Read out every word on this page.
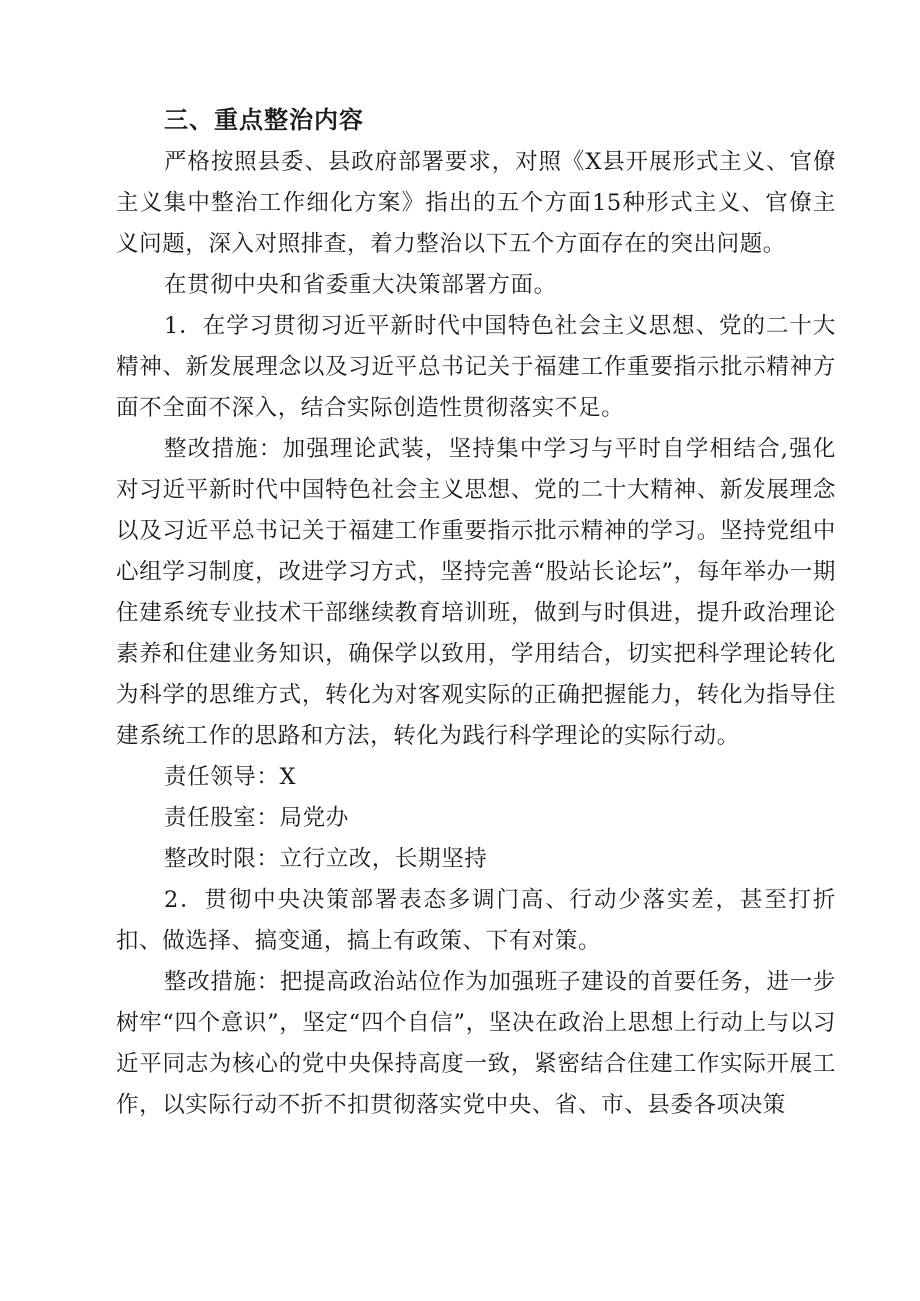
三、重点整治内容

严格按照县委、县政府部署要求，对照《X县开展形式主义、官僚主义集中整治工作细化方案》指出的五个方面15种形式主义、官僚主义问题，深入对照排查，着力整治以下五个方面存在的突出问题。

在贯彻中央和省委重大决策部署方面。

1．在学习贯彻习近平新时代中国特色社会主义思想、党的二十大精神、新发展理念以及习近平总书记关于福建工作重要指示批示精神方面不全面不深入，结合实际创造性贯彻落实不足。

整改措施：加强理论武装，坚持集中学习与平时自学相结合,强化对习近平新时代中国特色社会主义思想、党的二十大精神、新发展理念以及习近平总书记关于福建工作重要指示批示精神的学习。坚持党组中心组学习制度，改进学习方式，坚持完善“股站长论坛”，每年举办一期住建系统专业技术干部继续教育培训班，做到与时俱进，提升政治理论素养和住建业务知识，确保学以致用，学用结合，切实把科学理论转化为科学的思维方式，转化为对客观实际的正确把握能力，转化为指导住建系统工作的思路和方法，转化为践行科学理论的实际行动。

责任领导：X

责任股室：局党办

整改时限：立行立改，长期坚持

2．贯彻中央决策部署表态多调门高、行动少落实差，甚至打折扣、做选择、搞变通，搞上有政策、下有对策。

整改措施：把提高政治站位作为加强班子建设的首要任务，进一步树牢“四个意识”，坚定“四个自信”，坚决在政治上思想上行动上与以习近平同志为核心的党中央保持高度一致，紧密结合住建工作实际开展工作，以实际行动不折不扣贯彻落实党中央、省、市、县委各项决策
